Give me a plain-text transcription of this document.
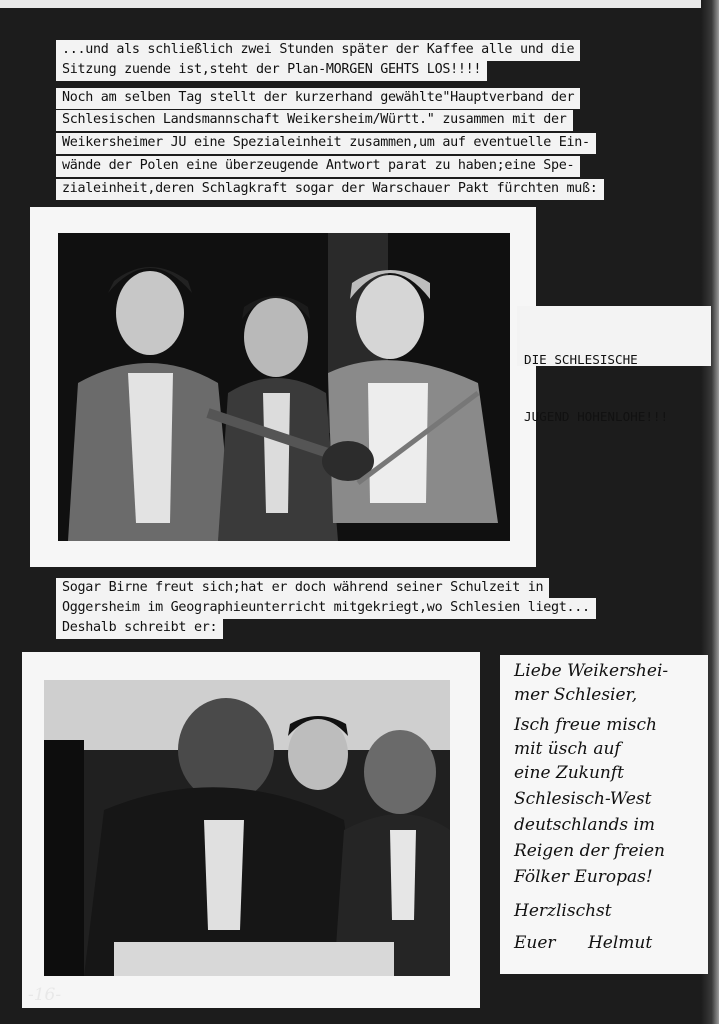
...und als schließlich zwei Stunden später der Kaffee alle und die
Sitzung zuende ist,steht der Plan-MORGEN GEHTS LOS!!!!
Noch am selben Tag stellt der kurzerhand gewählte"Hauptverband der
Schlesischen Landsmannschaft Weikersheim/Württ." zusammen mit der
Weikersheimer JU eine Spezialeinheit zusammen,um auf eventuelle Ein-
wände der Polen eine überzeugende Antwort parat zu haben;eine Spe-
zialeinheit,deren Schlagkraft sogar der Warschauer Pakt fürchten muß:

DIE SCHLESISCHE

JUGEND HOHENLOHE!!!

Sogar Birne freut sich;hat er doch während seiner Schulzeit in
Oggersheim im Geographieunterricht mitgekriegt,wo Schlesien liegt...
Deshalb schreibt er:
Liebe Weikershei-
mer Schlesier,
Isch freue misch
mit üsch auf
eine Zukunft
Schlesisch-West
deutschlands im
Reigen der freien
Fölker Europas!
Herzlischst
Euer      Helmut
-16-
